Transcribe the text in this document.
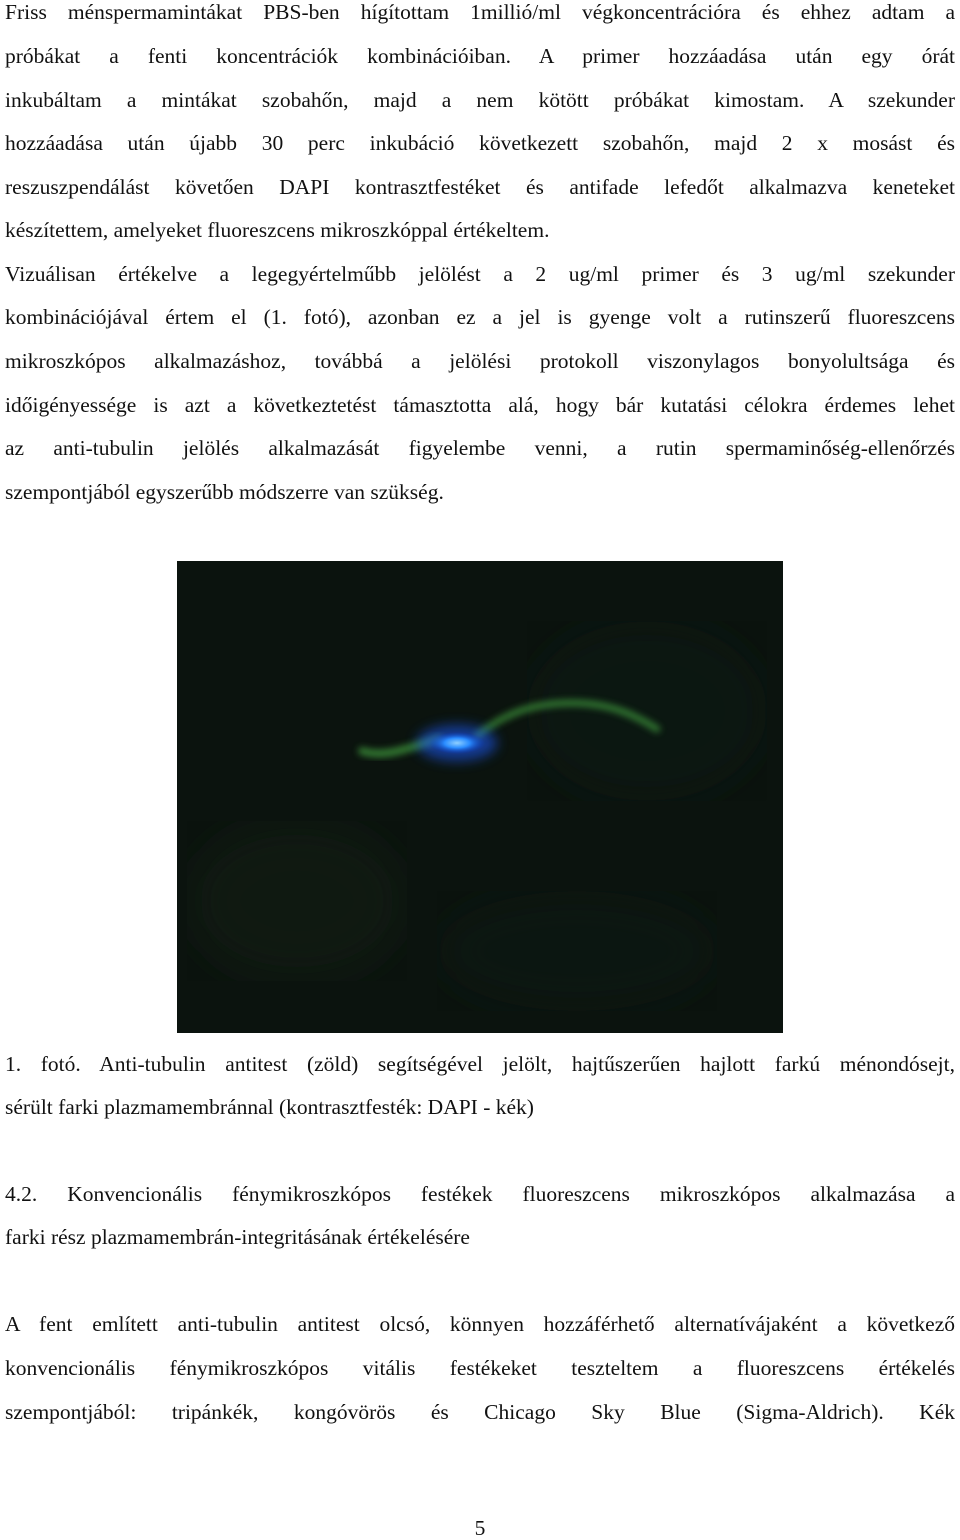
Friss ménspermamintákat PBS-ben hígítottam 1millió/ml végkoncentrációra és ehhez adtam a
próbákat a fenti koncentrációk kombinációiban. A primer hozzáadása után egy órát
inkubáltam a mintákat szobahőn, majd a nem kötött próbákat kimostam. A szekunder
hozzáadása után újabb 30 perc inkubáció következett szobahőn, majd 2 x mosást és
reszuszpendálást követően DAPI kontrasztfestéket és antifade lefedőt alkalmazva keneteket
készítettem, amelyeket fluoreszcens mikroszkóppal értékeltem.
Vizuálisan értékelve a legegyértelműbb jelölést a 2 ug/ml primer és 3 ug/ml szekunder
kombinációjával értem el (1. fotó), azonban ez a jel is gyenge volt a rutinszerű fluoreszcens
mikroszkópos alkalmazáshoz, továbbá a jelölési protokoll viszonylagos bonyolultsága és
időigényessége is azt a következtetést támasztotta alá, hogy bár kutatási célokra érdemes lehet
az anti-tubulin jelölés alkalmazását figyelembe venni, a rutin spermaminőség-ellenőrzés
szempontjából egyszerűbb módszerre van szükség.
1. fotó. Anti-tubulin antitest (zöld) segítségével jelölt, hajtűszerűen hajlott farkú ménondósejt,
sérült farki plazmamembránnal (kontrasztfesték: DAPI - kék)
4.2. Konvencionális fénymikroszkópos festékek fluoreszcens mikroszkópos alkalmazása a
farki rész plazmamembrán-integritásának értékelésére
A fent említett anti-tubulin antitest olcsó, könnyen hozzáférhető alternatívájaként a következő
konvencionális fénymikroszkópos vitális festékeket teszteltem a fluoreszcens értékelés
szempontjából: tripánkék, kongóvörös és Chicago Sky Blue (Sigma-Aldrich). Kék
5
